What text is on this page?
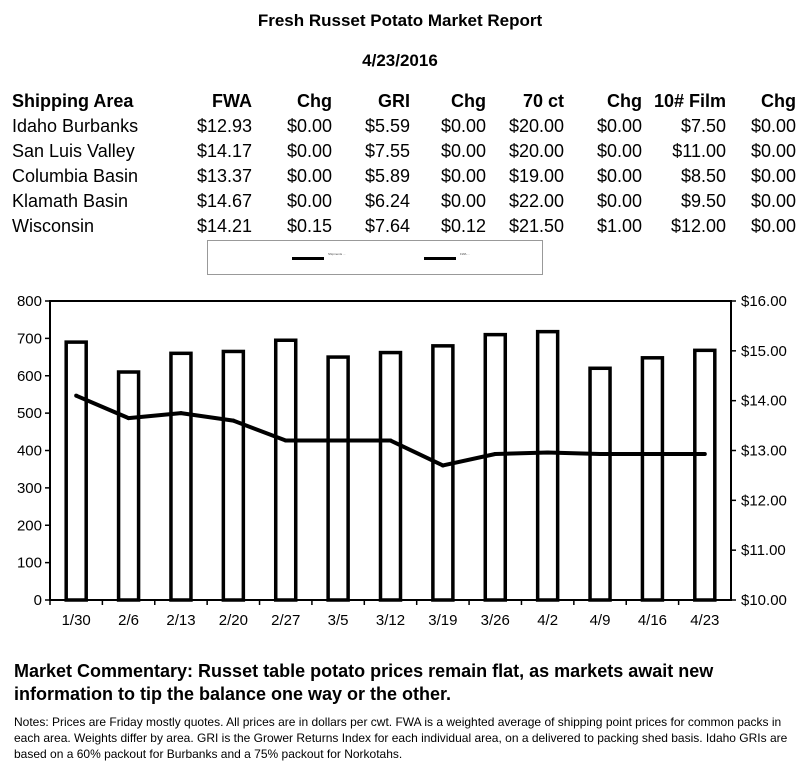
Fresh Russet Potato Market Report
4/23/2016
Shipping Area	FWA	Chg	GRI	Chg	70 ct	Chg	10# Film	Chg
Idaho Burbanks	$12.93	$0.00	$5.59	$0.00	$20.00	$0.00	$7.50	$0.00
San Luis Valley	$14.17	$0.00	$7.55	$0.00	$20.00	$0.00	$11.00	$0.00
Columbia Basin	$13.37	$0.00	$5.89	$0.00	$19.00	$0.00	$8.50	$0.00
Klamath Basin	$14.67	$0.00	$6.24	$0.00	$22.00	$0.00	$9.50	$0.00
Wisconsin	$14.21	$0.15	$7.64	$0.12	$21.50	$1.00	$12.00	$0.00
Shipments ...	FWA ...
0
100
200
300
400
500
600
700
800
$10.00
$11.00
$12.00
$13.00
$14.00
$15.00
$16.00
1/30 2/6 2/13 2/20 2/27 3/5 3/12 3/19 3/26 4/2 4/9 4/16 4/23
Market Commentary: Russet table potato prices remain flat, as markets await new information to tip the balance one way or the other.
Notes: Prices are Friday mostly quotes. All prices are in dollars per cwt. FWA is a weighted average of shipping point prices for common packs in each area. Weights differ by area. GRI is the Grower Returns Index for each individual area, on a delivered to packing shed basis. Idaho GRIs are based on a 60% packout for Burbanks and a 75% packout for Norkotahs.
